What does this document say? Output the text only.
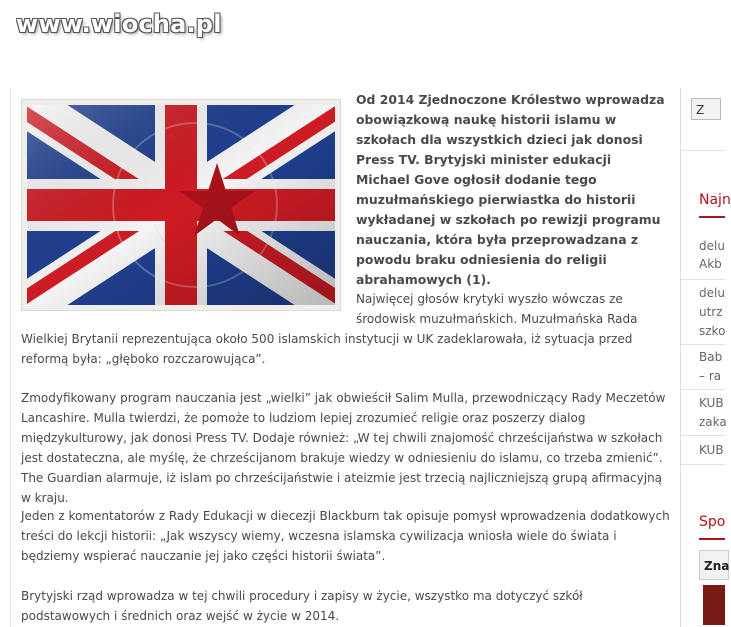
www.wiocha.pl

Od 2014 Zjednoczone Królestwo wprowadza obowiązkową naukę historii islamu w szkołach dla wszystkich dzieci jak donosi Press TV. Brytyjski minister edukacji Michael Gove ogłosił dodanie tego muzułmańskiego pierwiastka do historii wykładanej w szkołach po rewizji programu nauczania, która była przeprowadzana z powodu braku odniesienia do religii abrahamowych (1).

Najwięcej głosów krytyki wyszło wówczas ze środowisk muzułmańskich. Muzułmańska Rada

Wielkiej Brytanii reprezentująca około 500 islamskich instytucji w UK zadeklarowała, iż sytuacja przed reformą była: „głęboko rozczarowująca”.

Zmodyfikowany program nauczania jest „wielki” jak obwieścił Salim Mulla, przewodniczący Rady Meczetów Lancashire. Mulla twierdzi, że pomoże to ludziom lepiej zrozumieć religie oraz poszerzy dialog międzykulturowy, jak donosi Press TV. Dodaje również: „W tej chwili znajomość chrześcijaństwa w szkołach jest dostateczna, ale myślę, że chrześcijanom brakuje wiedzy w odniesieniu do islamu, co trzeba zmienić”. The Guardian alarmuje, iż islam po chrześcijaństwie i ateizmie jest trzecią najliczniejszą grupą afirmacyjną w kraju.

Jeden z komentatorów z Rady Edukacji w diecezji Blackburn tak opisuje pomysł wprowadzenia dodatkowych treści do lekcji historii: „Jak wszyscy wiemy, wczesna islamska cywilizacja wniosła wiele do świata i będziemy wspierać nauczanie jej jako części historii świata”.

Brytyjski rząd wprowadza w tej chwili procedury i zapisy w życie, wszystko ma dotyczyć szkół podstawowych i średnich oraz wejść w życie w 2014.

Z
Najn
delu
Akb
delu
utrz
szko
Bab
– ra
KUB
zaka
KUB
Spo
Zna
